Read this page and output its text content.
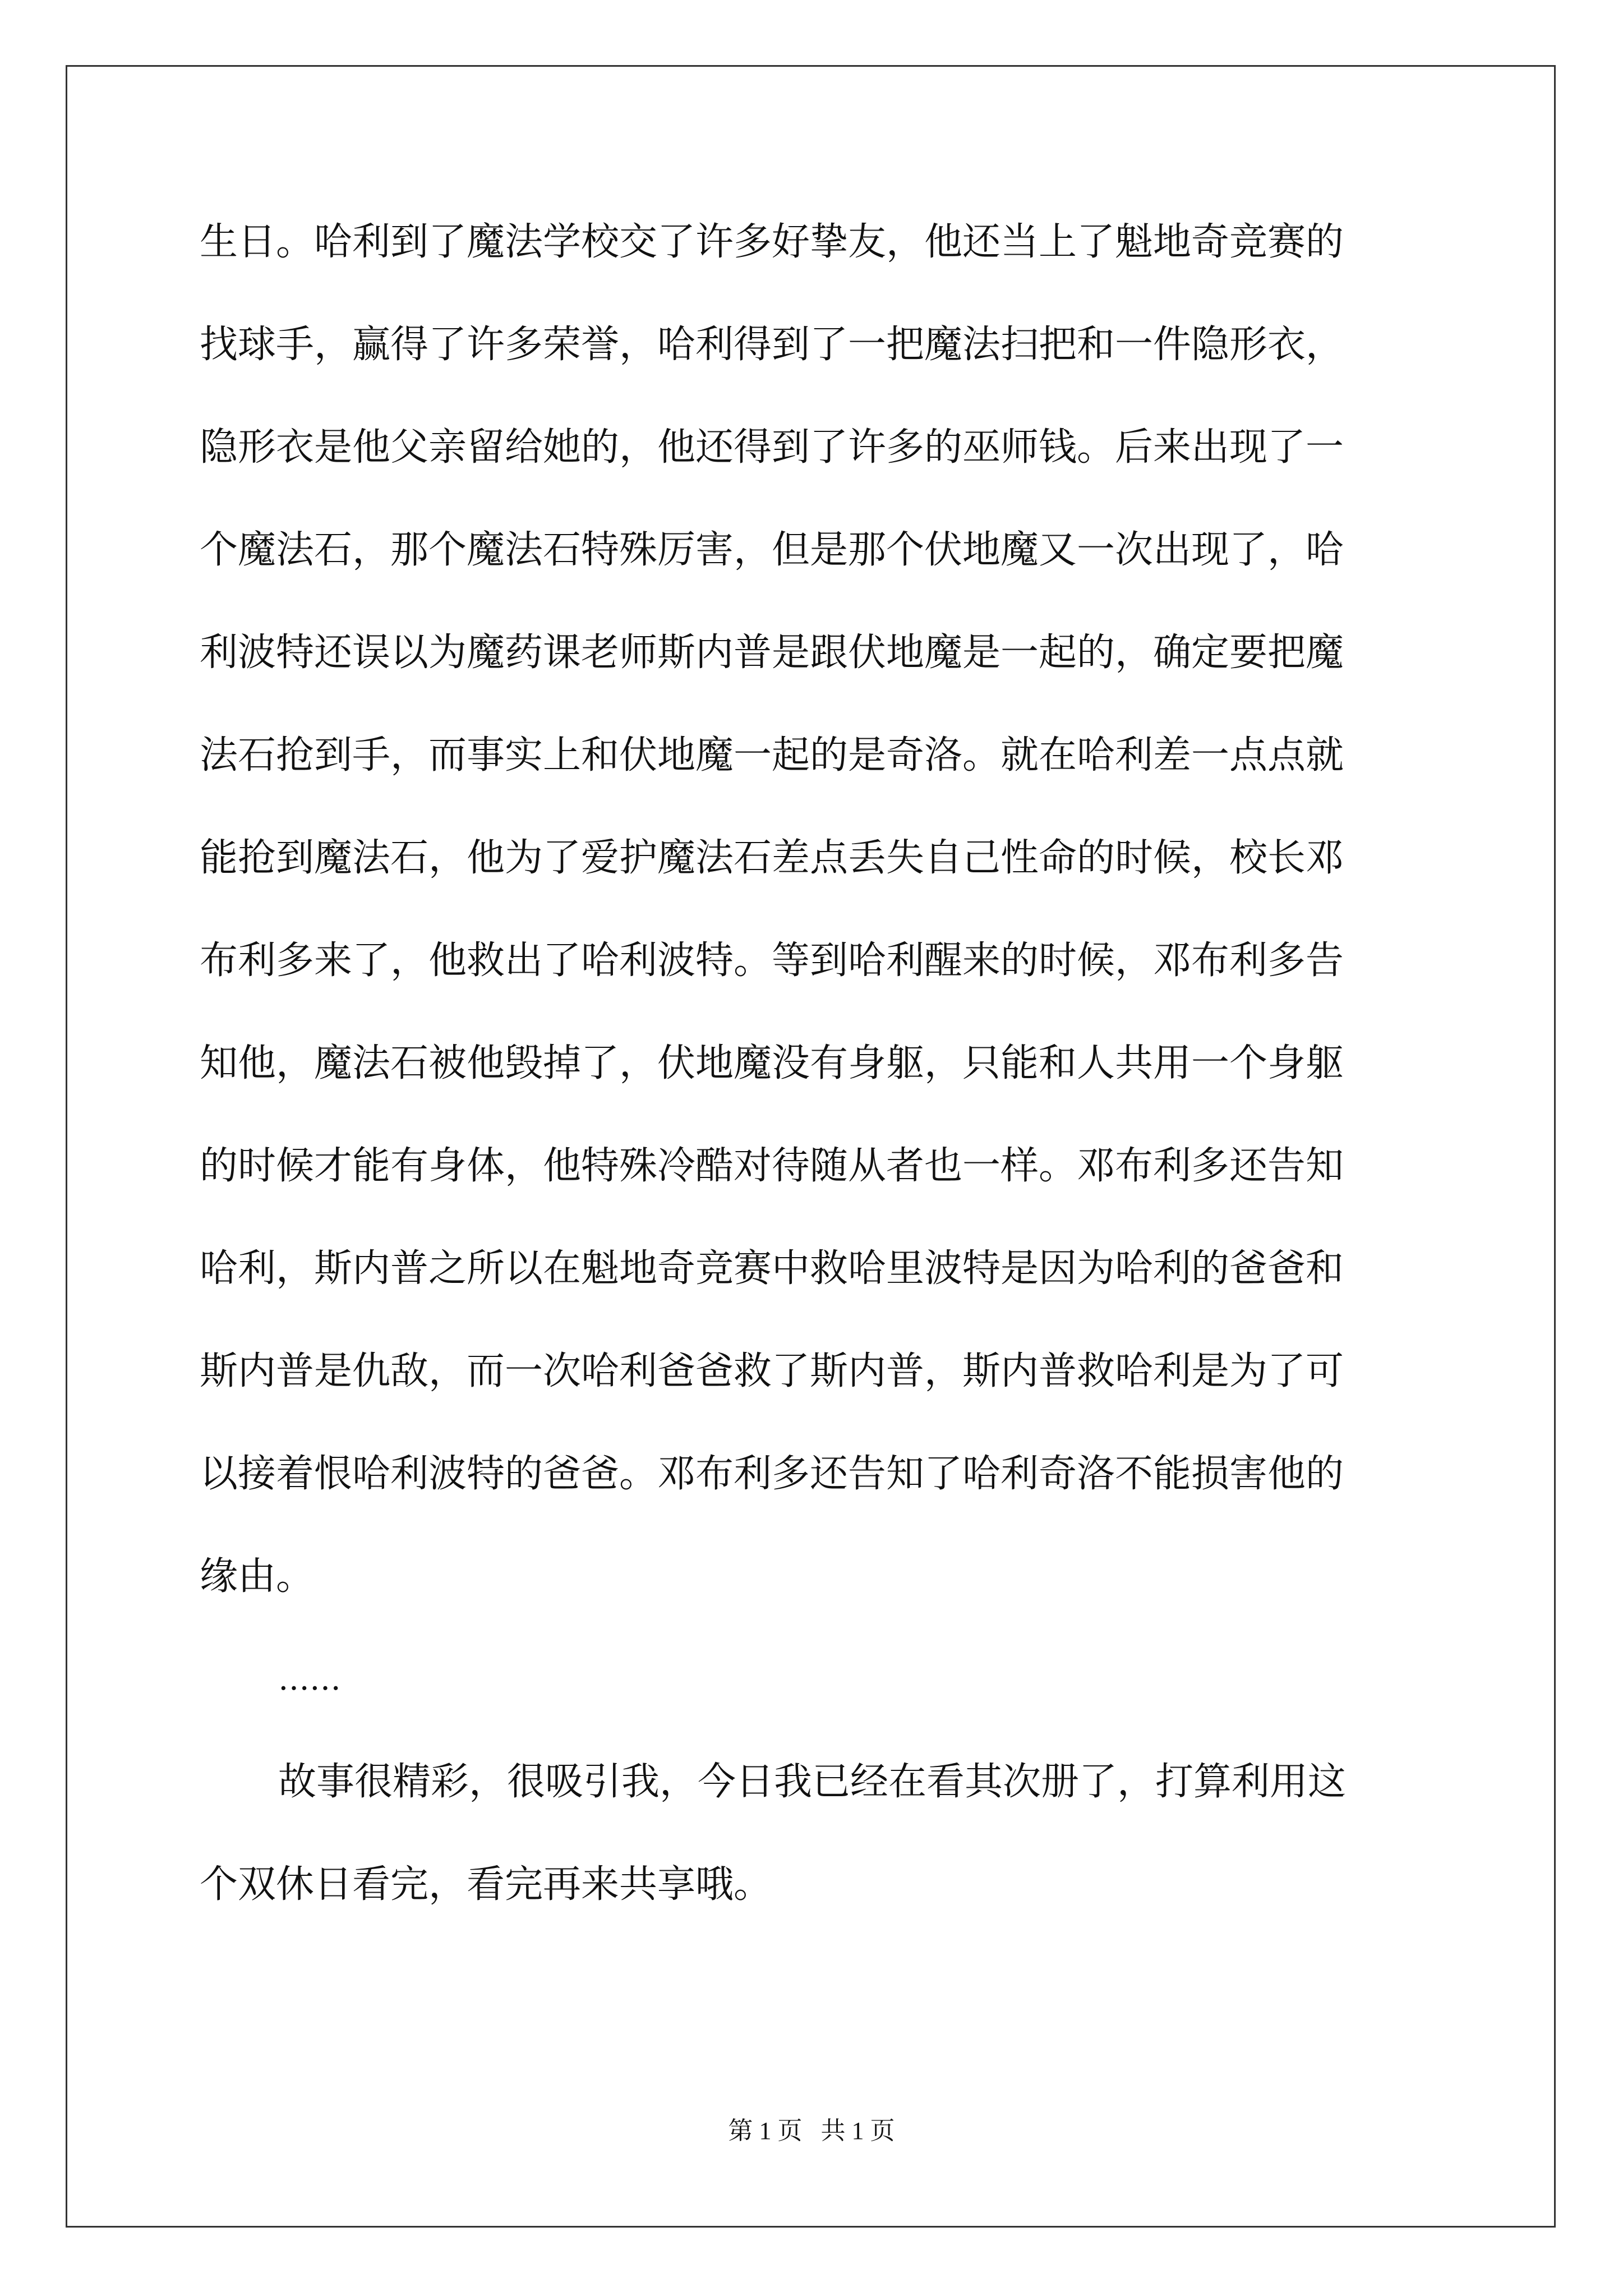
生日。哈利到了魔法学校交了许多好挚友，他还当上了魁地奇竞赛的
找球手，赢得了许多荣誉，哈利得到了一把魔法扫把和一件隐形衣，
隐形衣是他父亲留给她的，他还得到了许多的巫师钱。后来出现了一
个魔法石，那个魔法石特殊厉害，但是那个伏地魔又一次出现了，哈
利波特还误以为魔药课老师斯内普是跟伏地魔是一起的，确定要把魔
法石抢到手，而事实上和伏地魔一起的是奇洛。就在哈利差一点点就
能抢到魔法石，他为了爱护魔法石差点丢失自己性命的时候，校长邓
布利多来了，他救出了哈利波特。等到哈利醒来的时候，邓布利多告
知他，魔法石被他毁掉了，伏地魔没有身躯，只能和人共用一个身躯
的时候才能有身体，他特殊冷酷对待随从者也一样。邓布利多还告知
哈利，斯内普之所以在魁地奇竞赛中救哈里波特是因为哈利的爸爸和
斯内普是仇敌，而一次哈利爸爸救了斯内普，斯内普救哈利是为了可
以接着恨哈利波特的爸爸。邓布利多还告知了哈利奇洛不能损害他的
缘由。
……
故事很精彩，很吸引我，今日我已经在看其次册了，打算利用这
个双休日看完，看完再来共享哦。
第 1 页 共 1 页
